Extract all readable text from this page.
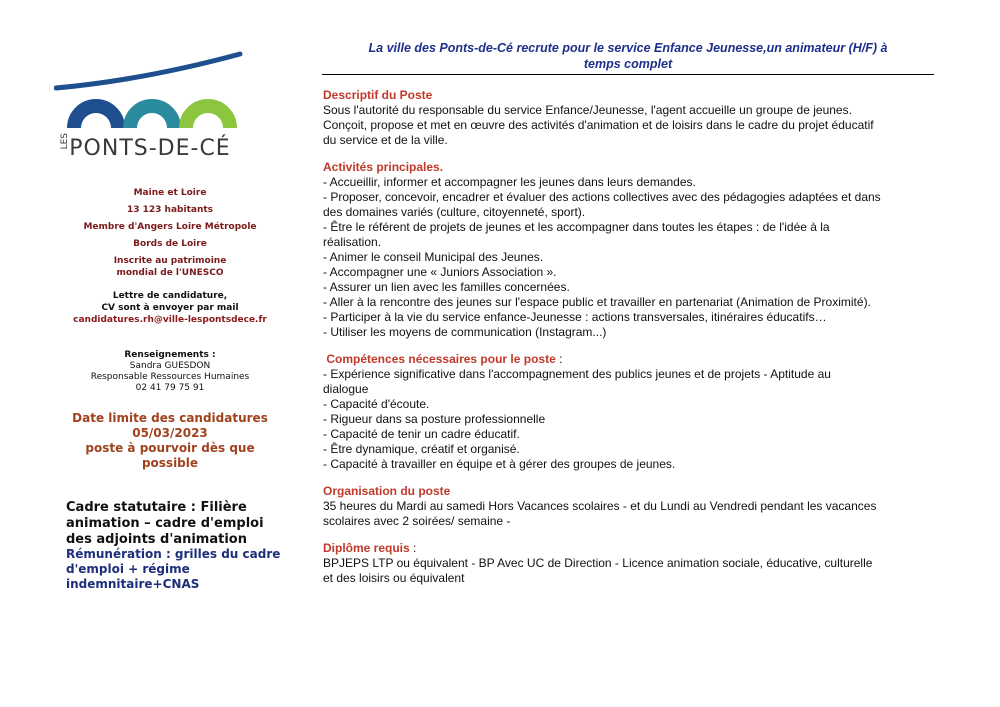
LES PONTS-DE-CÉ
Maine et Loire
13 123 habitants
Membre d'Angers Loire Métropole
Bords de Loire
Inscrite au patrimoine
mondial de l'UNESCO
Lettre de candidature,
CV sont à envoyer par mail
candidatures.rh@ville-lespontsdece.fr
Renseignements :
Sandra GUESDON
Responsable Ressources Humaines
02 41 79 75 91
Date limite des candidatures
05/03/2023
poste à pourvoir dès que
possible
Cadre statutaire : Filière
animation – cadre d'emploi
des adjoints d'animation
Rémunération : grilles du cadre
d'emploi + régime
indemnitaire+CNAS
La ville des Ponts-de-Cé recrute pour le service Enfance Jeunesse,un animateur (H/F) à
temps complet
Descriptif du Poste
Sous l'autorité du responsable du service Enfance/Jeunesse, l'agent accueille un groupe de jeunes.
Conçoit, propose et met en œuvre des activités d'animation et de loisirs dans le cadre du projet éducatif
du service et de la ville.
Activités principales.
- Accueillir, informer et accompagner les jeunes dans leurs demandes.
- Proposer, concevoir, encadrer et évaluer des actions collectives avec des pédagogies adaptées et dans
des domaines variés (culture, citoyenneté, sport).
- Être le référent de projets de jeunes et les accompagner dans toutes les étapes : de l'idée à la
réalisation.
- Animer le conseil Municipal des Jeunes.
- Accompagner une « Juniors Association ».
- Assurer un lien avec les familles concernées.
- Aller à la rencontre des jeunes sur l'espace public et travailler en partenariat (Animation de Proximité).
- Participer à la vie du service enfance-Jeunesse : actions transversales, itinéraires éducatifs…
- Utiliser les moyens de communication (Instagram...)
Compétences nécessaires pour le poste :
- Expérience significative dans l'accompagnement des publics jeunes et de projets - Aptitude au
dialogue
- Capacité d'écoute.
- Rigueur dans sa posture professionnelle
- Capacité de tenir un cadre éducatif.
- Être dynamique, créatif et organisé.
- Capacité à travailler en équipe et à gérer des groupes de jeunes.
Organisation du poste
35 heures du Mardi au samedi Hors Vacances scolaires - et du Lundi au Vendredi pendant les vacances
scolaires avec 2 soirées/ semaine -
Diplôme requis :
BPJEPS LTP ou équivalent - BP Avec UC de Direction - Licence animation sociale, éducative, culturelle
et des loisirs ou équivalent
